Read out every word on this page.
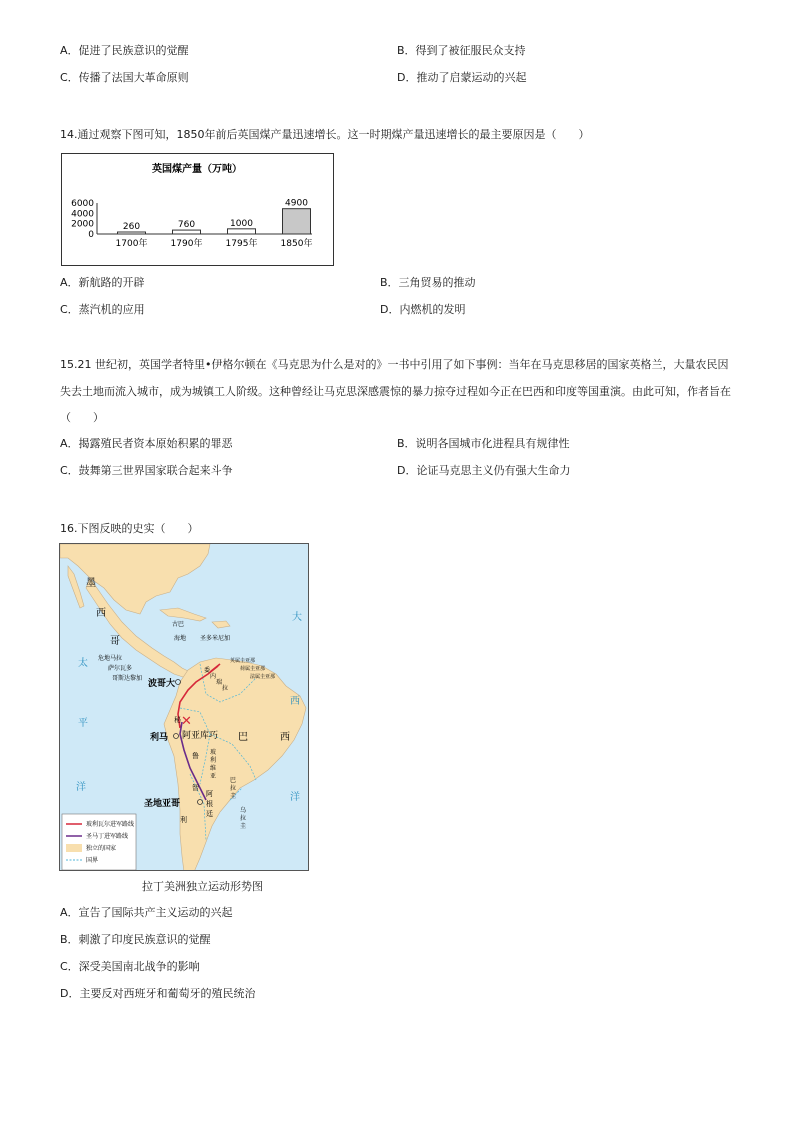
A．促进了民族意识的觉醒	B．得到了被征服民众支持
C．传播了法国大革命原则	D．推动了启蒙运动的兴起
14.通过观察下图可知，1850年前后英国煤产量迅速增长。这一时期煤产量迅速增长的最主要原因是（　　）
英国煤产量（万吨）
6000
4000
2000
0
260
1700年
760
1790年
1000
1795年
4900
1850年
A．新航路的开辟	B．三角贸易的推动
C．蒸汽机的应用	D．内燃机的发明
15.21 世纪初，英国学者特里•伊格尔顿在《马克思为什么是对的》一书中引用了如下事例：当年在马克思移居的国家英格兰，大量农民因
失去土地而流入城市，成为城镇工人阶级。这种曾经让马克思深感震惊的暴力掠夺过程如今正在巴西和印度等国重演。由此可知，作者旨在
（　　）
A．揭露殖民者资本原始积累的罪恶	B．说明各国城市化进程具有规律性
C．鼓舞第三世界国家联合起来斗争	D．论证马克思主义仍有强大生命力
16.下图反映的史实（　　）
✕
太
平
洋
大
西
洋
墨
西
哥
危地马拉
萨尔瓦多
哥斯达黎加
古巴
海地 圣多米尼加
波哥大
利马
圣地亚哥
阿亚库巧
秘
鲁
智
利
巴	西
阿
根
廷
玻
利
维
亚
巴
拉
圭
乌
拉
圭
委
内
瑞
拉
英属圭亚那
荷属圭亚那
法属圭亚那
玻利瓦尔进军路线
圣马丁进军路线
独立的国家
国界
拉丁美洲独立运动形势图
A．宣告了国际共产主义运动的兴起
B．刺激了印度民族意识的觉醒
C．深受美国南北战争的影响
D．主要反对西班牙和葡萄牙的殖民统治
